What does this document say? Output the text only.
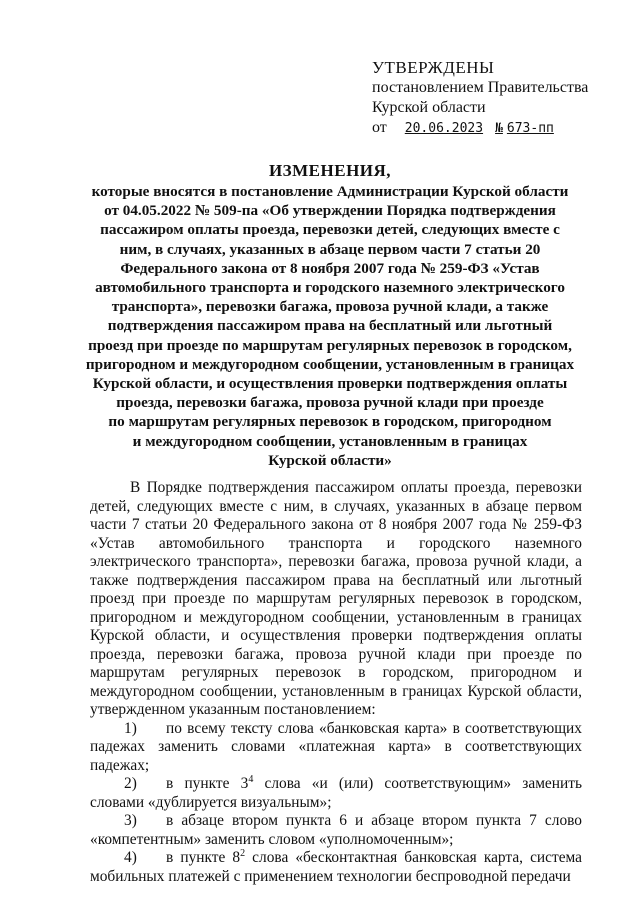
УТВЕРЖДЕНЫ
постановлением Правительства
Курской области
от 20.06.2023 № 673-пп
ИЗМЕНЕНИЯ,
которые вносятся в постановление Администрации Курской области
от 04.05.2022 № 509-па «Об утверждении Порядка подтверждения
пассажиром оплаты проезда, перевозки детей, следующих вместе с
ним, в случаях, указанных в абзаце первом части 7 статьи 20
Федерального закона от 8 ноября 2007 года № 259-ФЗ «Устав
автомобильного транспорта и городского наземного электрического
транспорта», перевозки багажа, провоза ручной клади, а также
подтверждения пассажиром права на бесплатный или льготный
проезд при проезде по маршрутам регулярных перевозок в городском,
пригородном и междугородном сообщении, установленным в границах
Курской области, и осуществления проверки подтверждения оплаты
проезда, перевозки багажа, провоза ручной клади при проезде
по маршрутам регулярных перевозок в городском, пригородном
и междугородном сообщении, установленным в границах
Курской области»

В Порядке подтверждения пассажиром оплаты проезда, перевозки детей, следующих вместе с ним, в случаях, указанных в абзаце первом части 7 статьи 20 Федерального закона от 8 ноября 2007 года № 259-ФЗ «Устав автомобильного транспорта и городского наземного электрического транспорта», перевозки багажа, провоза ручной клади, а также подтверждения пассажиром права на бесплатный или льготный проезд при проезде по маршрутам регулярных перевозок в городском, пригородном и междугородном сообщении, установленным в границах Курской области, и осуществления проверки подтверждения оплаты проезда, перевозки багажа, провоза ручной клади при проезде по маршрутам регулярных перевозок в городском, пригородном и междугородном сообщении, установленным в границах Курской области, утвержденном указанным постановлением:

1) по всему тексту слова «банковская карта» в соответствующих падежах заменить словами «платежная карта» в соответствующих падежах;

2) в пункте $3^4$ слова «и (или) соответствующим» заменить словами «дублируется визуальным»;

3) в абзаце втором пункта 6 и абзаце втором пункта 7 слово «компетентным» заменить словом «уполномоченным»;

4) в пункте $8^2$ слова «бесконтактная банковская карта, система мобильных платежей с применением технологии беспроводной передачи
